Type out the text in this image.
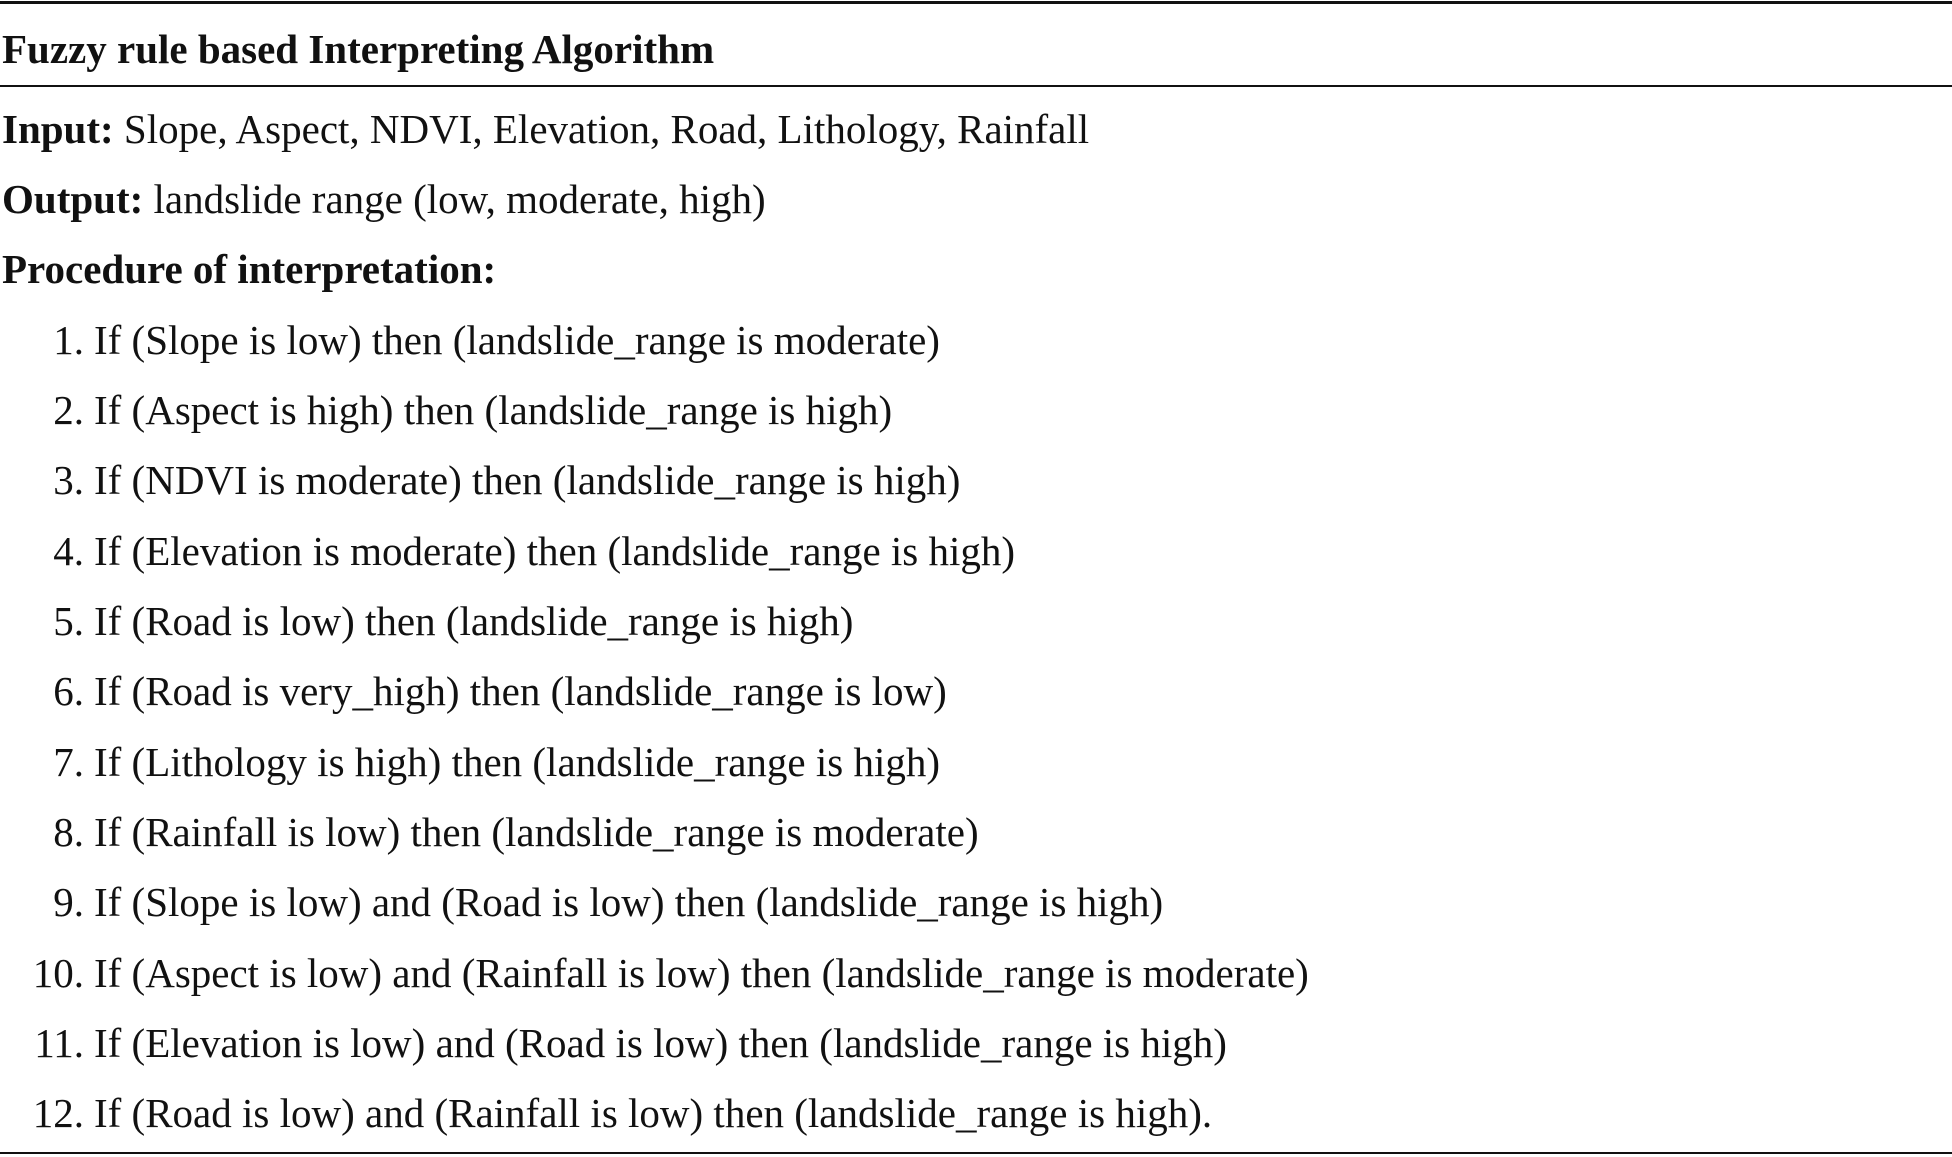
Fuzzy rule based Interpreting Algorithm
Input: Slope, Aspect, NDVI, Elevation, Road, Lithology, Rainfall
Output: landslide range (low, moderate, high)
Procedure of interpretation:
1. If (Slope is low) then (landslide_range is moderate)
2. If (Aspect is high) then (landslide_range is high)
3. If (NDVI is moderate) then (landslide_range is high)
4. If (Elevation is moderate) then (landslide_range is high)
5. If (Road is low) then (landslide_range is high)
6. If (Road is very_high) then (landslide_range is low)
7. If (Lithology is high) then (landslide_range is high)
8. If (Rainfall is low) then (landslide_range is moderate)
9. If (Slope is low) and (Road is low) then (landslide_range is high)
10. If (Aspect is low) and (Rainfall is low) then (landslide_range is moderate)
11. If (Elevation is low) and (Road is low) then (landslide_range is high)
12. If (Road is low) and (Rainfall is low) then (landslide_range is high).
